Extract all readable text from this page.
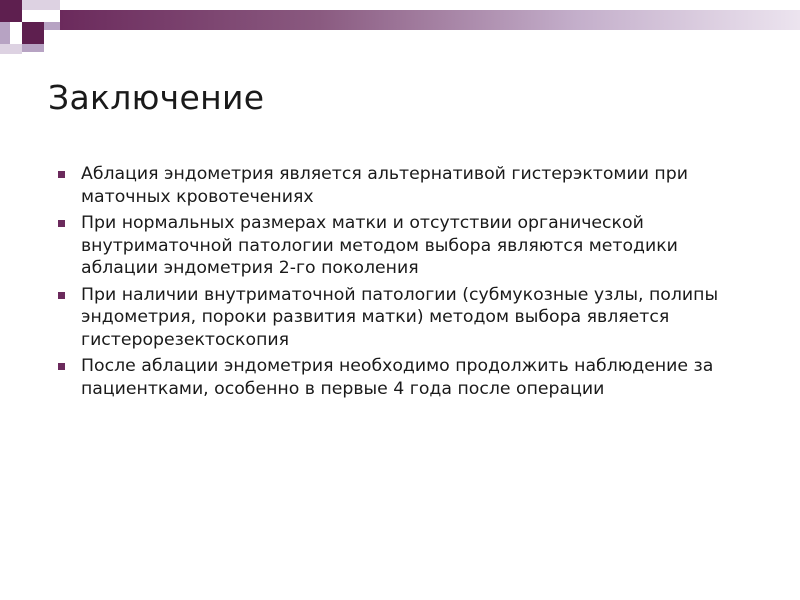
Заключение
Аблация эндометрия является альтернативой гистерэктомии при маточных кровотечениях
При нормальных размерах матки и отсутствии органической внутриматочной патологии методом выбора являются методики аблации эндометрия 2-го поколения
При наличии внутриматочной патологии (субмукозные узлы, полипы эндометрия, пороки развития матки) методом выбора является гистерорезектоскопия
После аблации эндометрия необходимо продолжить наблюдение за пациентками, особенно в первые 4 года после операции
